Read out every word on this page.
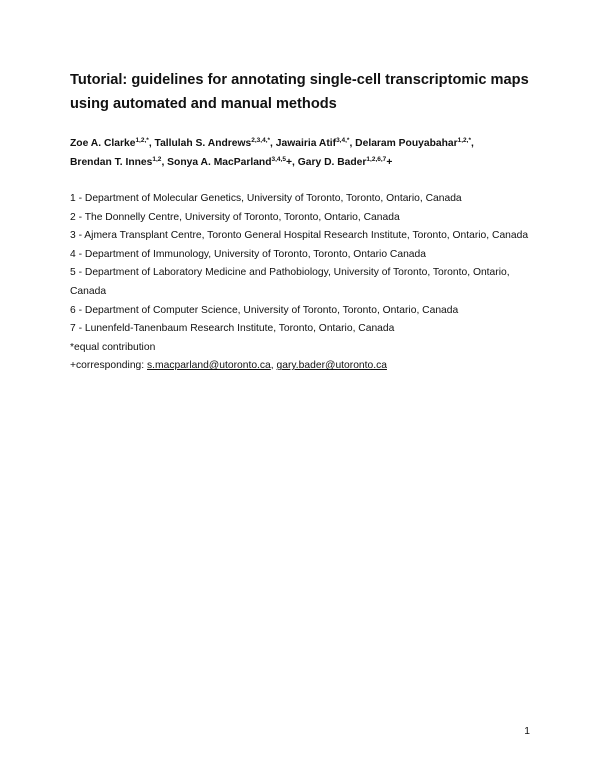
Tutorial: guidelines for annotating single-cell transcriptomic maps using automated and manual methods

Zoe A. Clarke$^{1,2,*}$, Tallulah S. Andrews$^{2,3,4,*}$, Jawairia Atif$^{3,4,*}$, Delaram Pouyabahar$^{1,2,*}$,
Brendan T. Innes$^{1,2}$, Sonya A. MacParland$^{3,4,5}$+, Gary D. Bader$^{1,2,6,7}$+

1 - Department of Molecular Genetics, University of Toronto, Toronto, Ontario, Canada
2 - The Donnelly Centre, University of Toronto, Toronto, Ontario, Canada
3 - Ajmera Transplant Centre, Toronto General Hospital Research Institute, Toronto, Ontario, Canada
4 - Department of Immunology, University of Toronto, Toronto, Ontario Canada
5 - Department of Laboratory Medicine and Pathobiology, University of Toronto, Toronto, Ontario, Canada
6 - Department of Computer Science, University of Toronto, Toronto, Ontario, Canada
7 - Lunenfeld-Tanenbaum Research Institute, Toronto, Ontario, Canada
*equal contribution
+corresponding: s.macparland@utoronto.ca, gary.bader@utoronto.ca
1
